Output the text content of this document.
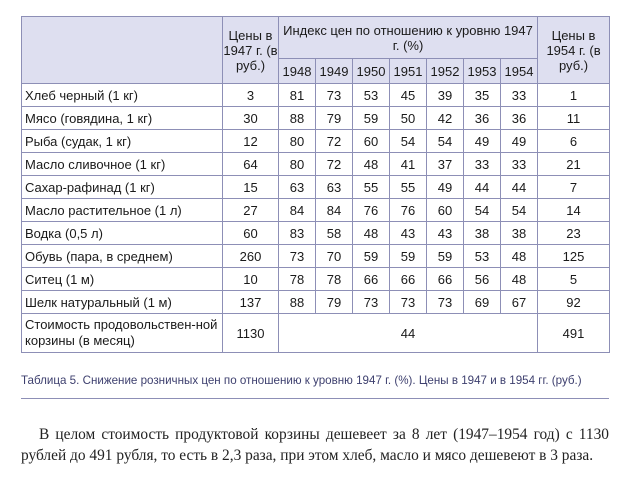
	Цены в 1947 г. (в руб.)	Индекс цен по отношению к уровню 1947 г. (%)							Цены в 1954 г. (в руб.)
		1948	1949	1950	1951	1952	1953	1954	
Хлеб черный (1 кг)	3	81	73	53	45	39	35	33	1
Мясо (говядина, 1 кг)	30	88	79	59	50	42	36	36	11
Рыба (судак, 1 кг)	12	80	72	60	54	54	49	49	6
Масло сливочное (1 кг)	64	80	72	48	41	37	33	33	21
Сахар-рафинад (1 кг)	15	63	63	55	55	49	44	44	7
Масло растительное (1 л)	27	84	84	76	76	60	54	54	14
Водка (0,5 л)	60	83	58	48	43	43	38	38	23
Обувь (пара, в среднем)	260	73	70	59	59	59	53	48	125
Ситец (1 м)	10	78	78	66	66	66	56	48	5
Шелк натуральный (1 м)	137	88	79	73	73	73	69	67	92
Стоимость продовольствен-ной корзины (в месяц)	1130	44							491
Таблица 5. Снижение розничных цен по отношению к уровню 1947 г. (%). Цены в 1947 и в 1954 гг. (руб.)
В целом стоимость продуктовой корзины дешевеет за 8 лет (1947–1954 год) с 1130 рублей до 491 рубля, то есть в 2,3 раза, при этом хлеб, масло и мясо дешевеют в 3 раза.
